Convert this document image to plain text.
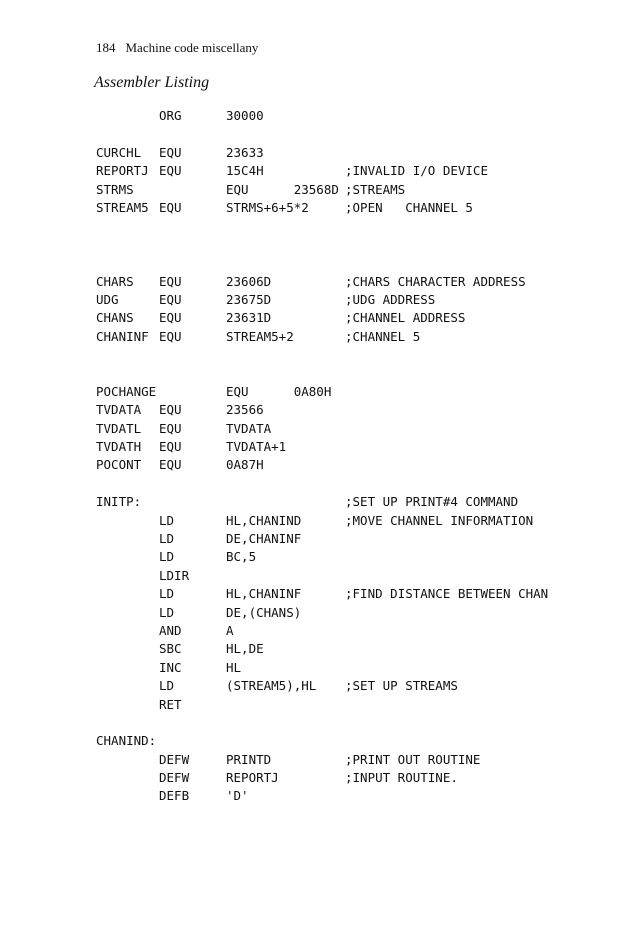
184 Machine code miscellany
Assembler Listing
ORG	30000
CURCHL EQU	23633
REPORTJ EQU	15C4H	;INVALID I/O DEVICE
STRMS	EQU      23568D ;STREAMS
STREAM5 EQU	STRMS+6+5*2	;OPEN   CHANNEL 5
CHARS EQU	23606D	;CHARS CHARACTER ADDRESS
UDG	EQU	23675D	;UDG ADDRESS
CHANS EQU	23631D	;CHANNEL ADDRESS
CHANINF EQU	STREAM5+2	;CHANNEL 5
POCHANGE	EQU      0A80H
TVDATA EQU	23566
TVDATL EQU	TVDATA
TVDATH EQU	TVDATA+1
POCONT EQU	0A87H
INITP:	;SET UP PRINT#4 COMMAND
LD	HL,CHANIND	;MOVE CHANNEL INFORMATION
LD	DE,CHANINF
LD	BC,5
LDIR
LD	HL,CHANINF	;FIND DISTANCE BETWEEN CHAN
LD	DE,(CHANS)
AND	A
SBC	HL,DE
INC	HL
LD	(STREAM5),HL ;SET UP STREAMS
RET
CHANIND:
DEFW	PRINTD	;PRINT OUT ROUTINE
DEFW	REPORTJ	;INPUT ROUTINE.
DEFB	'D'
